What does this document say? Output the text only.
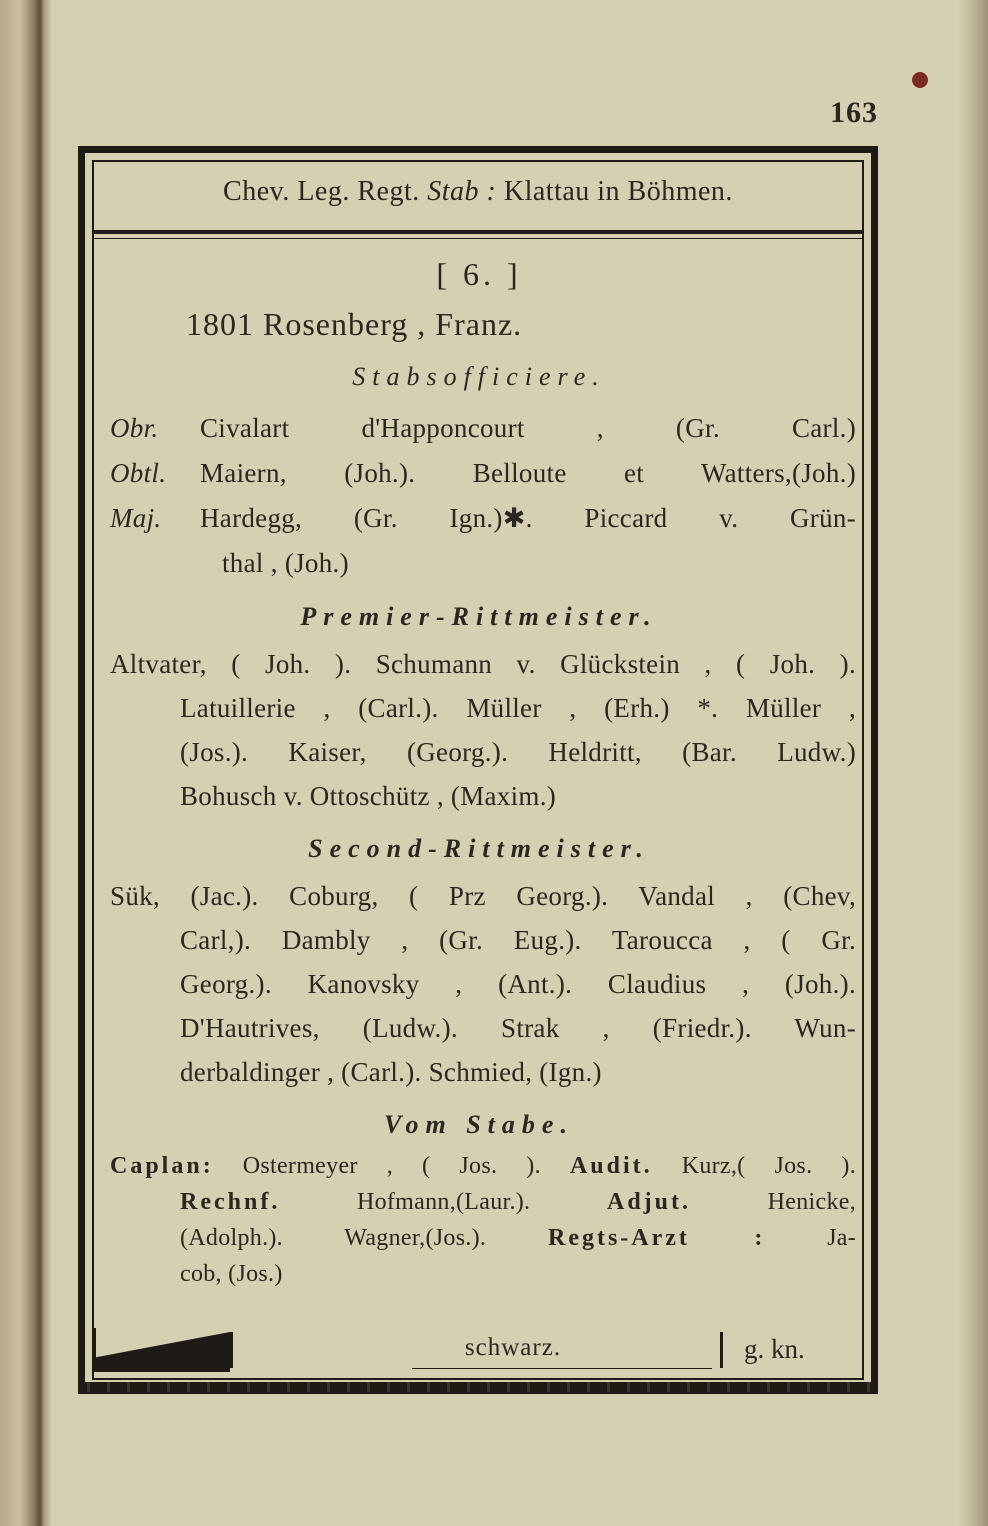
163
Chev. Leg. Regt. Stab : Klattau in Böhmen.
[ 6. ]
1801 Rosenberg , Franz.
Stabsofficiere.
Obr. Civalart d'Happoncourt , (Gr. Carl.)
Obtl. Maiern, (Joh.). Belloute et Watters,(Joh.)
Maj. Hardegg, (Gr. Ign.)✱. Piccard v. Grün-
thal , (Joh.)
Premier-Rittmeister.
Altvater, ( Joh. ). Schumann v. Glückstein , ( Joh. ).
Latuillerie , (Carl.). Müller , (Erh.) *. Müller ,
(Jos.). Kaiser, (Georg.). Heldritt, (Bar. Ludw.)
Bohusch v. Ottoschütz , (Maxim.)
Second-Rittmeister.
Sük, (Jac.). Coburg, ( Prz Georg.). Vandal , (Chev,
Carl,). Dambly , (Gr. Eug.). Taroucca , ( Gr.
Georg.). Kanovsky , (Ant.). Claudius , (Joh.).
D'Hautrives, (Ludw.). Strak , (Friedr.). Wun-
derbaldinger , (Carl.). Schmied, (Ign.)
Vom Stabe.
Caplan: Ostermeyer , ( Jos. ). Audit. Kurz,( Jos. ).
Rechnf.	Hofmann,(Laur.).	Adjut.	Henicke,
(Adolph.). Wagner,(Jos.).	Regts-Arzt :	Ja-
cob, (Jos.)
schwarz.	g. kn.
